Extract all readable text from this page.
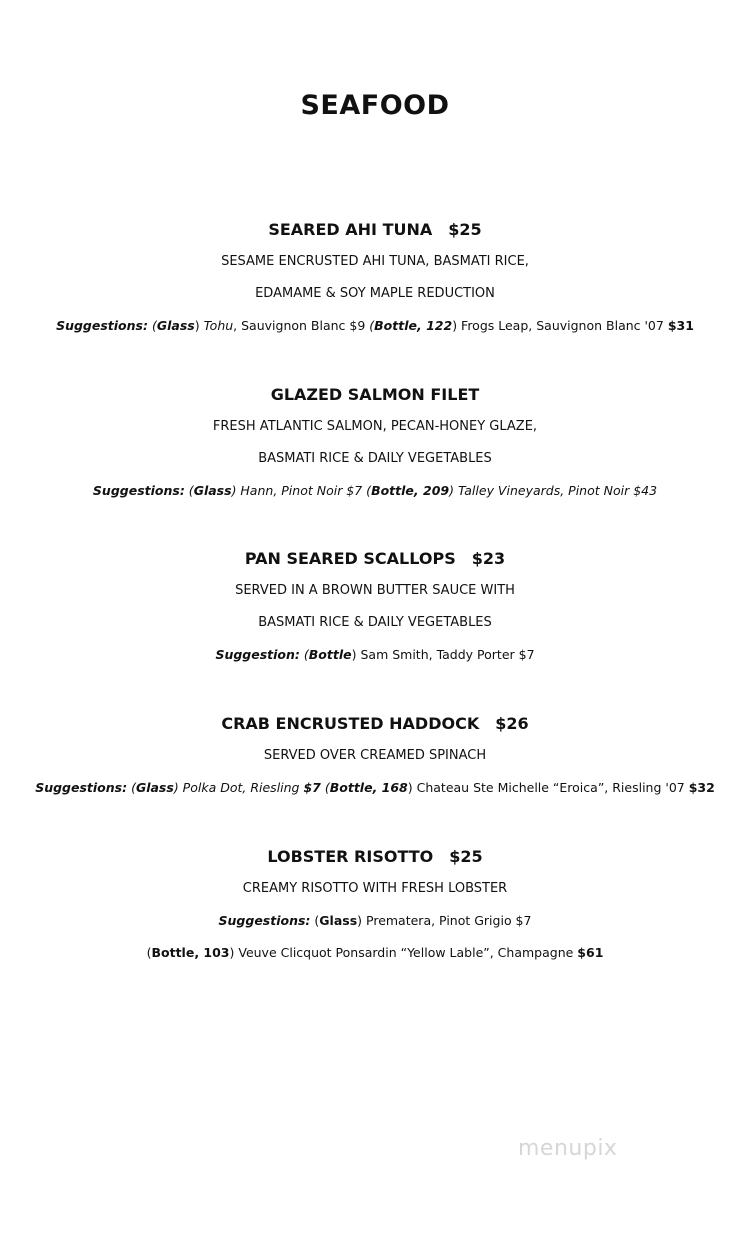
SEAFOOD
SEARED AHI TUNA $25
SESAME ENCRUSTED AHI TUNA, BASMATI RICE,
EDAMAME & SOY MAPLE REDUCTION
Suggestions: (Glass) Tohu, Sauvignon Blanc $9 (Bottle, 122) Frogs Leap, Sauvignon Blanc '07 $31
GLAZED SALMON FILET
FRESH ATLANTIC SALMON, PECAN-HONEY GLAZE,
BASMATI RICE & DAILY VEGETABLES
Suggestions: (Glass) Hann, Pinot Noir $7 (Bottle, 209) Talley Vineyards, Pinot Noir $43
PAN SEARED SCALLOPS $23
SERVED IN A BROWN BUTTER SAUCE WITH
BASMATI RICE & DAILY VEGETABLES
Suggestion: (Bottle) Sam Smith, Taddy Porter $7
CRAB ENCRUSTED HADDOCK $26
SERVED OVER CREAMED SPINACH
Suggestions: (Glass) Polka Dot, Riesling $7 (Bottle, 168) Chateau Ste Michelle “Eroica”, Riesling '07 $32
LOBSTER RISOTTO $25
CREAMY RISOTTO WITH FRESH LOBSTER
Suggestions: (Glass) Prematera, Pinot Grigio $7
(Bottle, 103) Veuve Clicquot Ponsardin “Yellow Lable”, Champagne $61
menupix
